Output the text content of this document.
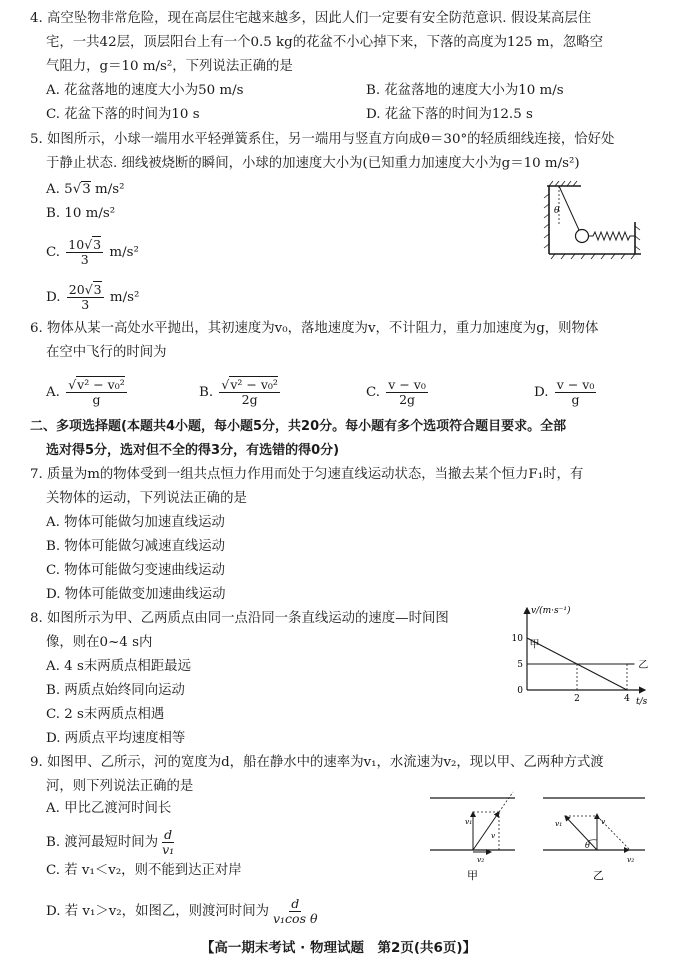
4. 高空坠物非常危险，现在高层住宅越来越多，因此人们一定要有安全防范意识. 假设某高层住
宅，一共42层，顶层阳台上有一个0.5 kg的花盆不小心掉下来，下落的高度为125 m，忽略空
气阻力，g＝10 m/s²，下列说法正确的是
A. 花盆落地的速度大小为50 m/s	B. 花盆落地的速度大小为10 m/s
C. 花盆下落的时间为10 s	D. 花盆下落的时间为12.5 s
5. 如图所示，小球一端用水平轻弹簧系住，另一端用与竖直方向成θ＝30°的轻质细线连接，恰好处
于静止状态. 细线被烧断的瞬间，小球的加速度大小为(已知重力加速度大小为g＝10 m/s²)
A. 5√3 m/s²
B. 10 m/s²
C. $\frac{10√3}{3} m/s^2$
D. $\frac{20√3}{3} m/s^2$
θ
6. 物体从某一高处水平抛出，其初速度为v₀，落地速度为v，不计阻力，重力加速度为g，则物体
在空中飞行的时间为
A. $\frac{\text{√v² − v₀²}}{g}$	B. $\frac{\text{√v² − v₀²}}{2g}$	C. $\frac{\text{v − v₀}}{2g}$	D. $\frac{\text{v − v₀}}{g}$
二、多项选择题(本题共4小题，每小题5分，共20分。每小题有多个选项符合题目要求。全部
选对得5分，选对但不全的得3分，有选错的得0分)
7. 质量为m的物体受到一组共点恒力作用而处于匀速直线运动状态，当撤去某个恒力F₁时，有
关物体的运动，下列说法正确的是
A. 物体可能做匀加速直线运动
B. 物体可能做匀减速直线运动
C. 物体可能做匀变速曲线运动
D. 物体可能做变加速曲线运动
8. 如图所示为甲、乙两质点由同一点沿同一条直线运动的速度—时间图
像，则在0~4 s内
A. 4 s末两质点相距最远
B. 两质点始终同向运动
C. 2 s末两质点相遇
D. 两质点平均速度相等
v/(m·s⁻¹)
t/s
0
5
10
2	4
甲
乙
9. 如图甲、乙所示，河的宽度为d，船在静水中的速率为v₁，水流速为v₂，现以甲、乙两种方式渡
河，则下列说法正确的是
A. 甲比乙渡河时间长
B. 渡河最短时间为 $\frac{d}{\text{v₁}}$
C. 若 v₁＜v₂，则不能到达正对岸
D. 若 v₁＞v₂，如图乙，则渡河时间为 $\frac{d}{\text{v₁cos θ}}$
v₁
v
v₂
甲
v₁	v
θ
v₂
乙
【高一期末考试 · 物理试题　第2页(共6页)】
